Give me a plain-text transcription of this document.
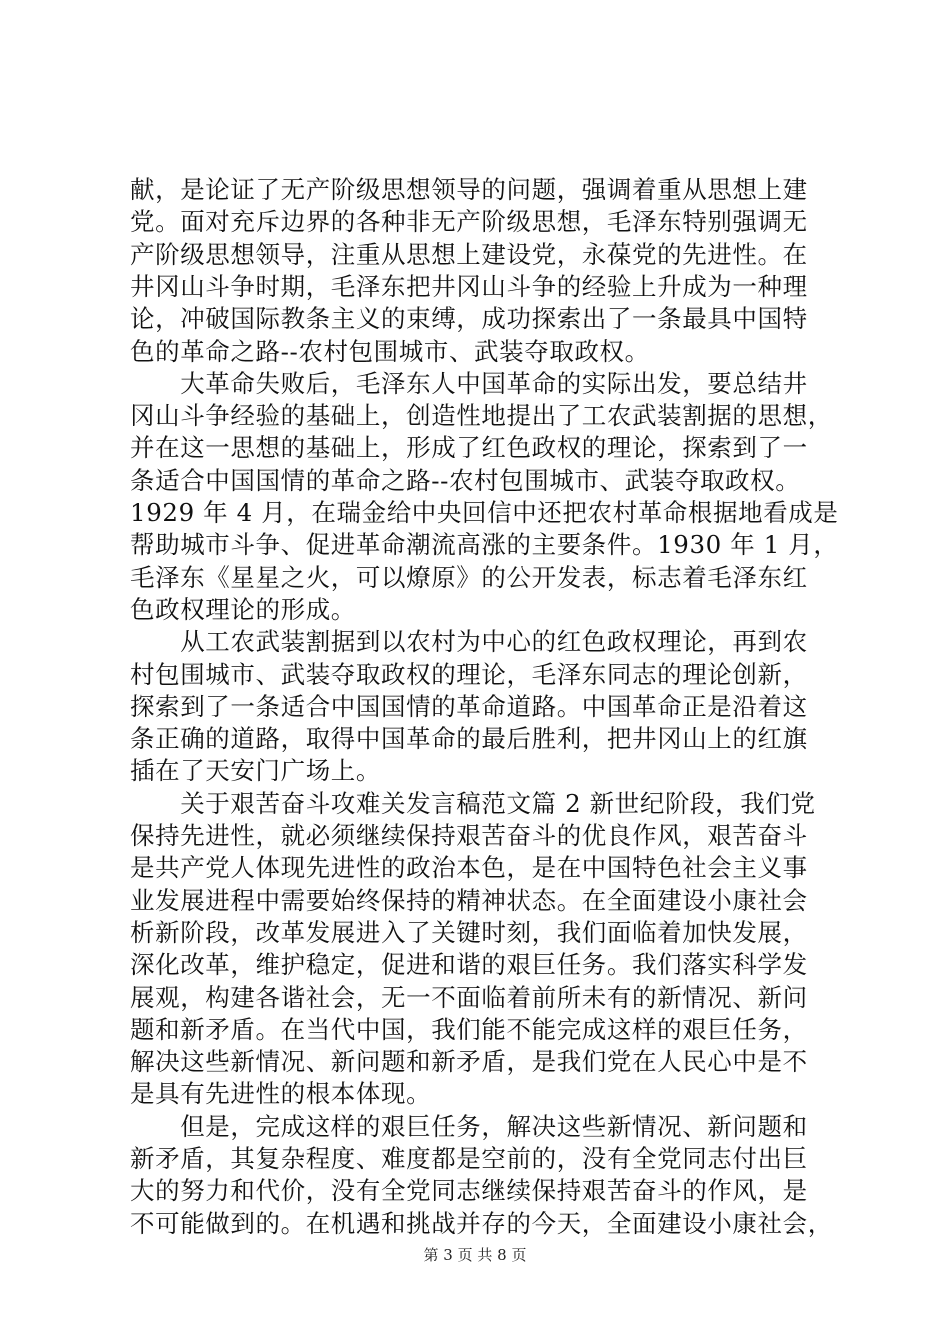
献，是论证了无产阶级思想领导的问题，强调着重从思想上建
党。面对充斥边界的各种非无产阶级思想，毛泽东特别强调无
产阶级思想领导，注重从思想上建设党，永葆党的先进性。在
井冈山斗争时期，毛泽东把井冈山斗争的经验上升成为一种理
论，冲破国际教条主义的束缚，成功探索出了一条最具中国特
色的革命之路--农村包围城市、武装夺取政权。
　　大革命失败后，毛泽东人中国革命的实际出发，要总结井
冈山斗争经验的基础上，创造性地提出了工农武装割据的思想，
并在这一思想的基础上，形成了红色政权的理论，探索到了一
条适合中国国情的革命之路--农村包围城市、武装夺取政权。
1929 年 4 月，在瑞金给中央回信中还把农村革命根据地看成是
帮助城市斗争、促进革命潮流高涨的主要条件。1930 年 1 月，
毛泽东《星星之火，可以燎原》的公开发表，标志着毛泽东红
色政权理论的形成。
　　从工农武装割据到以农村为中心的红色政权理论，再到农
村包围城市、武装夺取政权的理论，毛泽东同志的理论创新，
探索到了一条适合中国国情的革命道路。中国革命正是沿着这
条正确的道路，取得中国革命的最后胜利，把井冈山上的红旗
插在了天安门广场上。
　　关于艰苦奋斗攻难关发言稿范文篇 2 新世纪阶段，我们党
保持先进性，就必须继续保持艰苦奋斗的优良作风，艰苦奋斗
是共产党人体现先进性的政治本色，是在中国特色社会主义事
业发展进程中需要始终保持的精神状态。在全面建设小康社会
析新阶段，改革发展进入了关键时刻，我们面临着加快发展，
深化改革，维护稳定，促进和谐的艰巨任务。我们落实科学发
展观，构建各谐社会，无一不面临着前所未有的新情况、新问
题和新矛盾。在当代中国，我们能不能完成这样的艰巨任务，
解决这些新情况、新问题和新矛盾，是我们党在人民心中是不
是具有先进性的根本体现。
　　但是，完成这样的艰巨任务，解决这些新情况、新问题和
新矛盾，其复杂程度、难度都是空前的，没有全党同志付出巨
大的努力和代价，没有全党同志继续保持艰苦奋斗的作风，是
不可能做到的。在机遇和挑战并存的今天，全面建设小康社会，
第 3 页 共 8 页
